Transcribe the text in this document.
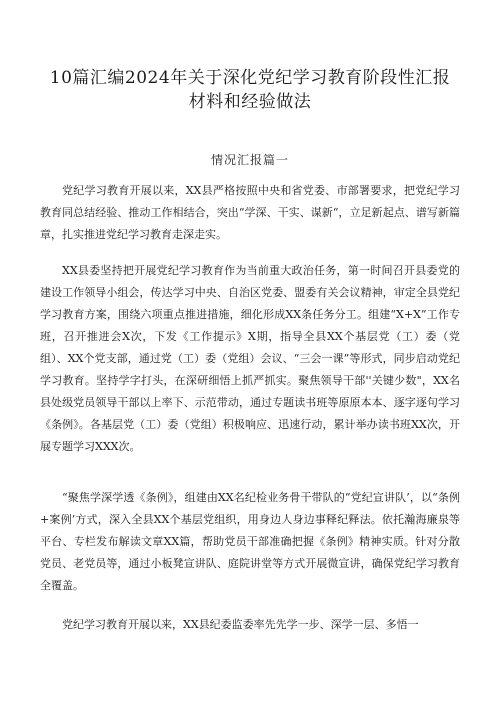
10篇汇编2024年关于深化党纪学习教育阶段性汇报
材料和经验做法
情况汇报篇一

党纪学习教育开展以来，XX县严格按照中央和省党委、市部署要求，把党纪学习教育同总结经验、推动工作相结合，突出“学深、干实、谋新“，立足新起点、谱写新篇章，扎实推进党纪学习教育走深走实。

XX县委坚持把开展党纪学习教育作为当前重大政治任务，第一时间召开县委党的建设工作领导小组会，传达学习中央、自治区党委、盟委有关会议精神，审定全县党纪学习教育方案，围绕六项重点推进措施，细化形成XX条任务分工。组建“X+X”工作专班，召开推进会X次，下发《工作提示》X期，指导全县XX个基层党（工）委（党组）、XX个党支部，通过党（工）委（党组）会议、“三会一课”等形式，同步启动党纪学习教育。坚持学字打头，在深研细悟上抓严抓实。聚焦领导干部''关键少数"，XX名县处级党员领导干部以上率下、示范带动，通过专题读书班等原原本本、逐字逐句学习《条例》。各基层党（工）委（党组）积极响应、迅速行动，累计举办读书班XX次，开展专题学习XXX次。

“聚焦学深学透《条例》，组建由XX名纪检业务骨干带队的“党纪宣讲队’，以“条例+案例’方式，深入全县XX个基层党组织，用身边人身边事释纪释法。依托瀚海廉泉等平台、专栏发布解读文章XX篇，帮助党员干部准确把握《条例》精神实质。针对分散党员、老党员等，通过小板凳宣讲队、庭院讲堂等方式开展微宣讲，确保党纪学习教育全覆盖。

党纪学习教育开展以来，XX县纪委监委率先先学一步、深学一层、多悟一
